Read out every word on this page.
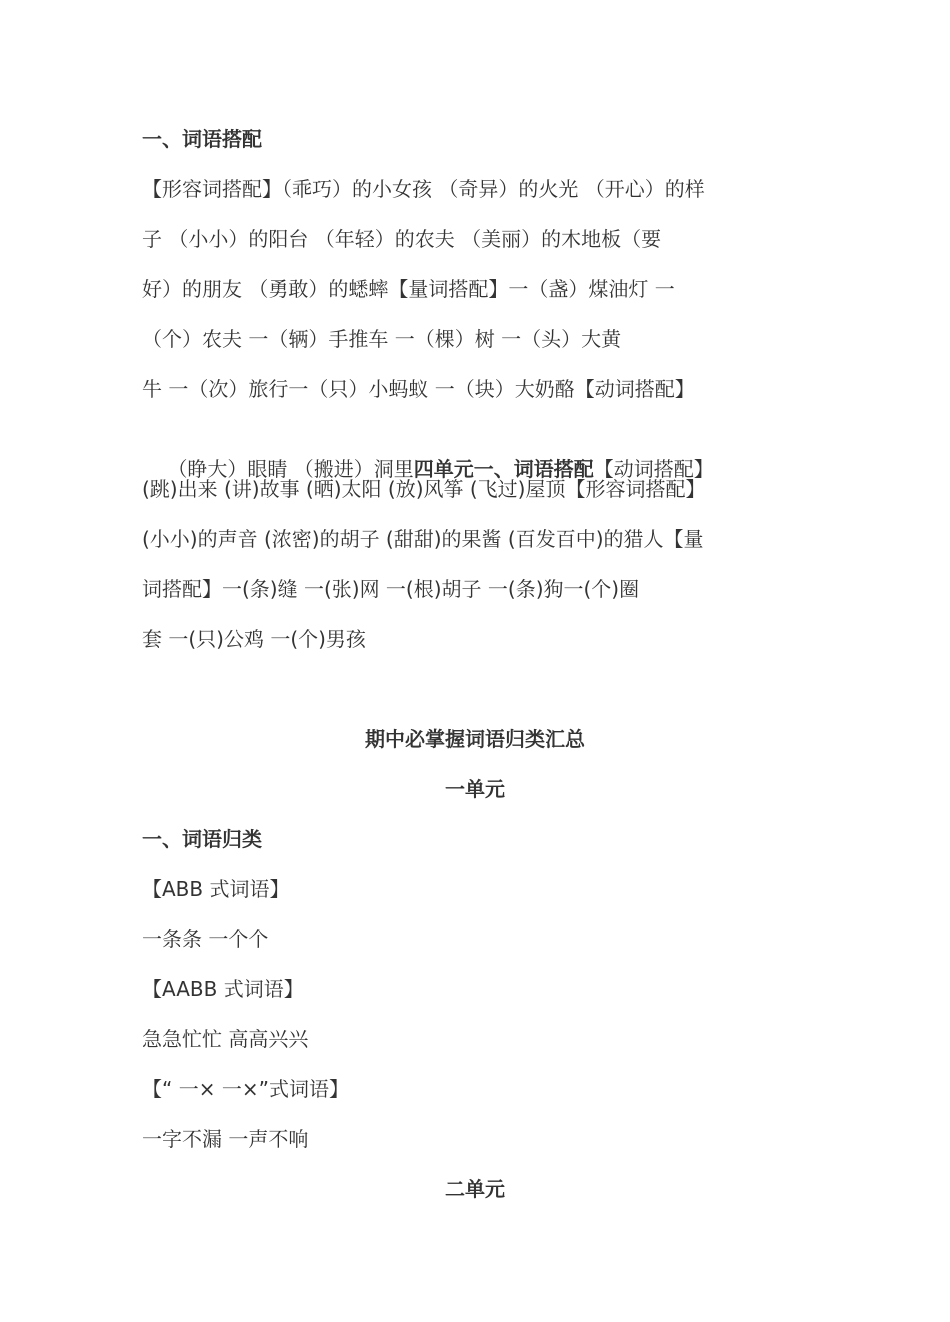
一、词语搭配
【形容词搭配】（乖巧）的小女孩 （奇异）的火光 （开心）的样
子 （小小）的阳台 （年轻）的农夫 （美丽）的木地板（要
好）的朋友 （勇敢）的蟋蟀【量词搭配】一（盏）煤油灯 一
（个）农夫 一（辆）手推车 一（棵）树 一（头）大黄
牛 一（次）旅行一（只）小蚂蚁 一（块）大奶酪【动词搭配】

（睁大）眼睛 （搬进）洞里四单元一、词语搭配【动词搭配】

(跳)出来 (讲)故事 (晒)太阳 (放)风筝 (飞过)屋顶【形容词搭配】
(小小)的声音 (浓密)的胡子 (甜甜)的果酱 (百发百中)的猎人【量
词搭配】一(条)缝 一(张)网 一(根)胡子 一(条)狗一(个)圈
套 一(只)公鸡 一(个)男孩
期中必掌握词语归类汇总
一单元
一、词语归类
【ABB 式词语】
一条条 一个个
【AABB 式词语】
急急忙忙 高高兴兴
【“ 一× 一×”式词语】
一字不漏 一声不响
二单元
